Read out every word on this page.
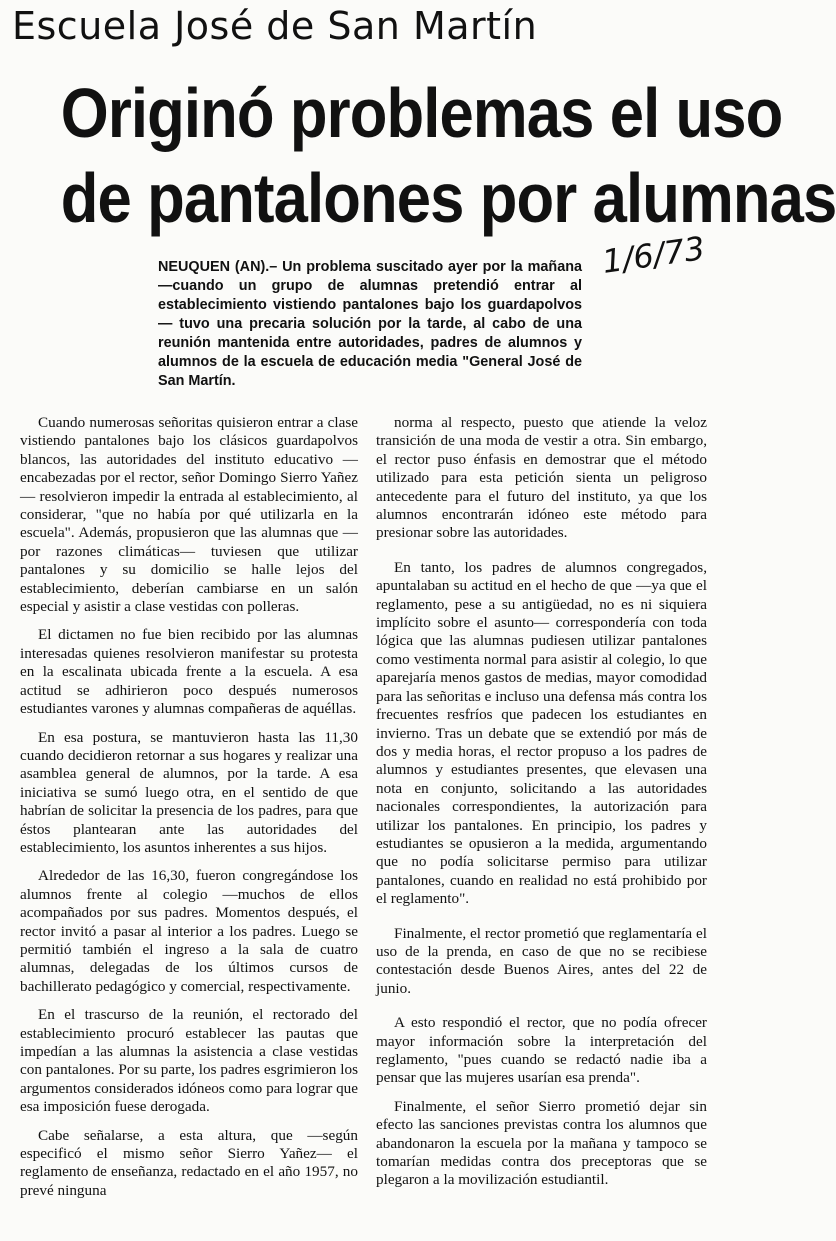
Escuela José de San Martín
Originó problemas el uso
de pantalones por alumnas
1/6/73

NEUQUEN (AN).– Un problema suscitado ayer por la mañana —cuando un grupo de alumnas pretendió entrar al establecimiento vistiendo pantalones bajo los guardapolvos— tuvo una precaria solución por la tarde, al cabo de una reunión mantenida entre autoridades, padres de alumnos y alumnos de la escuela de educación media "General José de San Martín.

Cuando numerosas señoritas quisieron entrar a clase vistiendo pantalones bajo los clásicos guardapolvos blancos, las autoridades del instituto educativo —encabezadas por el rector, señor Domingo Sierro Yañez— resolvieron impedir la entrada al establecimiento, al considerar, "que no había por qué utilizarla en la escuela". Además, propusieron que las alumnas que —por razones climáticas— tuviesen que utilizar pantalones y su domicilio se halle lejos del establecimiento, deberían cambiarse en un salón especial y asistir a clase vestidas con polleras.

El dictamen no fue bien recibido por las alumnas interesadas quienes resolvieron manifestar su protesta en la escalinata ubicada frente a la escuela. A esa actitud se adhirieron poco después numerosos estudiantes varones y alumnas compañeras de aquéllas.

En esa postura, se mantuvieron hasta las 11,30 cuando decidieron retornar a sus hogares y realizar una asamblea general de alumnos, por la tarde. A esa iniciativa se sumó luego otra, en el sentido de que habrían de solicitar la presencia de los padres, para que éstos plantearan ante las autoridades del establecimiento, los asuntos inherentes a sus hijos.

Alrededor de las 16,30, fueron congregándose los alumnos frente al colegio —muchos de ellos acompañados por sus padres. Momentos después, el rector invitó a pasar al interior a los padres. Luego se permitió también el ingreso a la sala de cuatro alumnas, delegadas de los últimos cursos de bachillerato pedagógico y comercial, respectivamente.

En el trascurso de la reunión, el rectorado del establecimiento procuró establecer las pautas que impedían a las alumnas la asistencia a clase vestidas con pantalones. Por su parte, los padres esgrimieron los argumentos considerados idóneos como para lograr que esa imposición fuese derogada.

Cabe señalarse, a esta altura, que —según especificó el mismo señor Sierro Yañez— el reglamento de enseñanza, redactado en el año 1957, no prevé ninguna

norma al respecto, puesto que atiende la veloz transición de una moda de vestir a otra. Sin embargo, el rector puso énfasis en demostrar que el método utilizado para esta petición sienta un peligroso antecedente para el futuro del instituto, ya que los alumnos encontrarán idóneo este método para presionar sobre las autoridades.

En tanto, los padres de alumnos congregados, apuntalaban su actitud en el hecho de que —ya que el reglamento, pese a su antigüedad, no es ni siquiera implícito sobre el asunto— correspondería con toda lógica que las alumnas pudiesen utilizar pantalones como vestimenta normal para asistir al colegio, lo que aparejaría menos gastos de medias, mayor comodidad para las señoritas e incluso una defensa más contra los frecuentes resfríos que padecen los estudiantes en invierno. Tras un debate que se extendió por más de dos y media horas, el rector propuso a los padres de alumnos y estudiantes presentes, que elevasen una nota en conjunto, solicitando a las autoridades nacionales correspondientes, la autorización para utilizar los pantalones. En principio, los padres y estudiantes se opusieron a la medida, argumentando que no podía solicitarse permiso para utilizar pantalones, cuando en realidad no está prohibido por el reglamento".

Finalmente, el rector prometió que reglamentaría el uso de la prenda, en caso de que no se recibiese contestación desde Buenos Aires, antes del 22 de junio.

A esto respondió el rector, que no podía ofrecer mayor información sobre la interpretación del reglamento, "pues cuando se redactó nadie iba a pensar que las mujeres usarían esa prenda".

Finalmente, el señor Sierro prometió dejar sin efecto las sanciones previstas contra los alumnos que abandonaron la escuela por la mañana y tampoco se tomarían medidas contra dos preceptoras que se plegaron a la movilización estudiantil.
